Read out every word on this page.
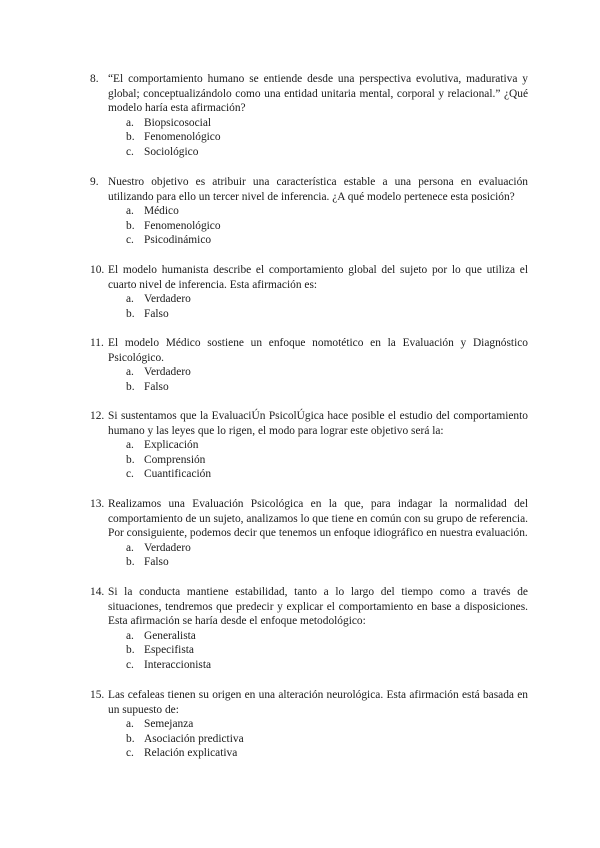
8. “El comportamiento humano se entiende desde una perspectiva evolutiva, madurativa y global; conceptualizándolo como una entidad unitaria mental, corporal y relacional.” ¿Qué modelo haría esta afirmación?
a. Biopsicosocial
b. Fenomenológico
c. Sociológico
9. Nuestro objetivo es atribuir una característica estable a una persona en evaluación utilizando para ello un tercer nivel de inferencia. ¿A qué modelo pertenece esta posición?
a. Médico
b. Fenomenológico
c. Psicodinámico
10. El modelo humanista describe el comportamiento global del sujeto por lo que utiliza el cuarto nivel de inferencia. Esta afirmación es:
a. Verdadero
b. Falso
11. El modelo Médico sostiene un enfoque nomotético en la Evaluación y Diagnóstico Psicológico.
a. Verdadero
b. Falso
12. Si sustentamos que la EvaluaciÚn PsicolÚgica hace posible el estudio del comportamiento humano y las leyes que lo rigen, el modo para lograr este objetivo será la:
a. Explicación
b. Comprensión
c. Cuantificación
13. Realizamos una Evaluación Psicológica en la que, para indagar la normalidad del comportamiento de un sujeto, analizamos lo que tiene en común con su grupo de referencia. Por consiguiente, podemos decir que tenemos un enfoque idiográfico en nuestra evaluación.
a. Verdadero
b. Falso
14. Si la conducta mantiene estabilidad, tanto a lo largo del tiempo como a través de situaciones, tendremos que predecir y explicar el comportamiento en base a disposiciones. Esta afirmación se haría desde el enfoque metodológico:
a. Generalista
b. Especifista
c. Interaccionista
15. Las cefaleas tienen su origen en una alteración neurológica. Esta afirmación está basada en un supuesto de:
a. Semejanza
b. Asociación predictiva
c. Relación explicativa
